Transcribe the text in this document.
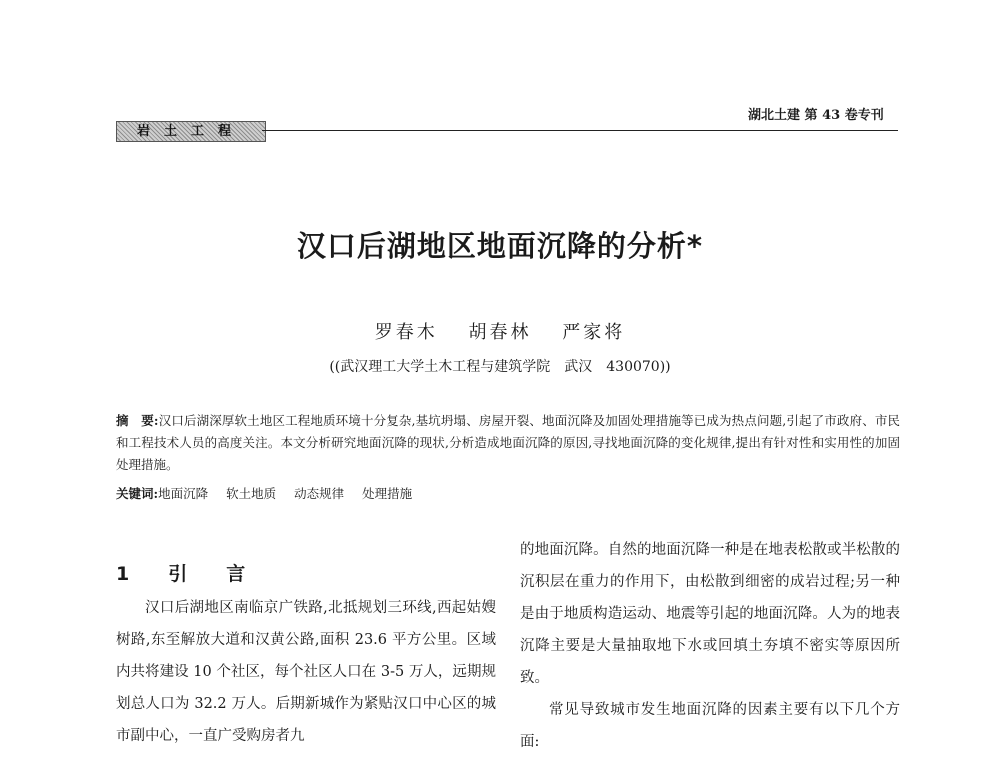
湖北土建 第 43 卷专刊
岩土工程
汉口后湖地区地面沉降的分析*
罗春木 胡春林 严家将
((武汉理工大学土木工程与建筑学院　武汉　430070))
摘　要:汉口后湖深厚软土地区工程地质环境十分复杂,基坑坍塌、房屋开裂、地面沉降及加固处理措施等已成为热点问题,引起了市政府、市民和工程技术人员的高度关注。本文分析研究地面沉降的现状,分析造成地面沉降的原因,寻找地面沉降的变化规律,提出有针对性和实用性的加固处理措施。
关键词:地面沉降 软土地质 动态规律 处理措施
1　引　言

汉口后湖地区南临京广铁路,北抵规划三环线,西起姑嫂树路,东至解放大道和汉黄公路,面积 23.6 平方公里。区域内共将建设 10 个社区，每个社区人口在 3-5 万人，远期规划总人口为 32.2 万人。后期新城作为紧贴汉口中心区的城市副中心，一直广受购房者九

的地面沉降。自然的地面沉降一种是在地表松散或半松散的沉积层在重力的作用下，由松散到细密的成岩过程;另一种是由于地质构造运动、地震等引起的地面沉降。人为的地表沉降主要是大量抽取地下水或回填土夯填不密实等原因所致。

常见导致城市发生地面沉降的因素主要有以下几个方面:
